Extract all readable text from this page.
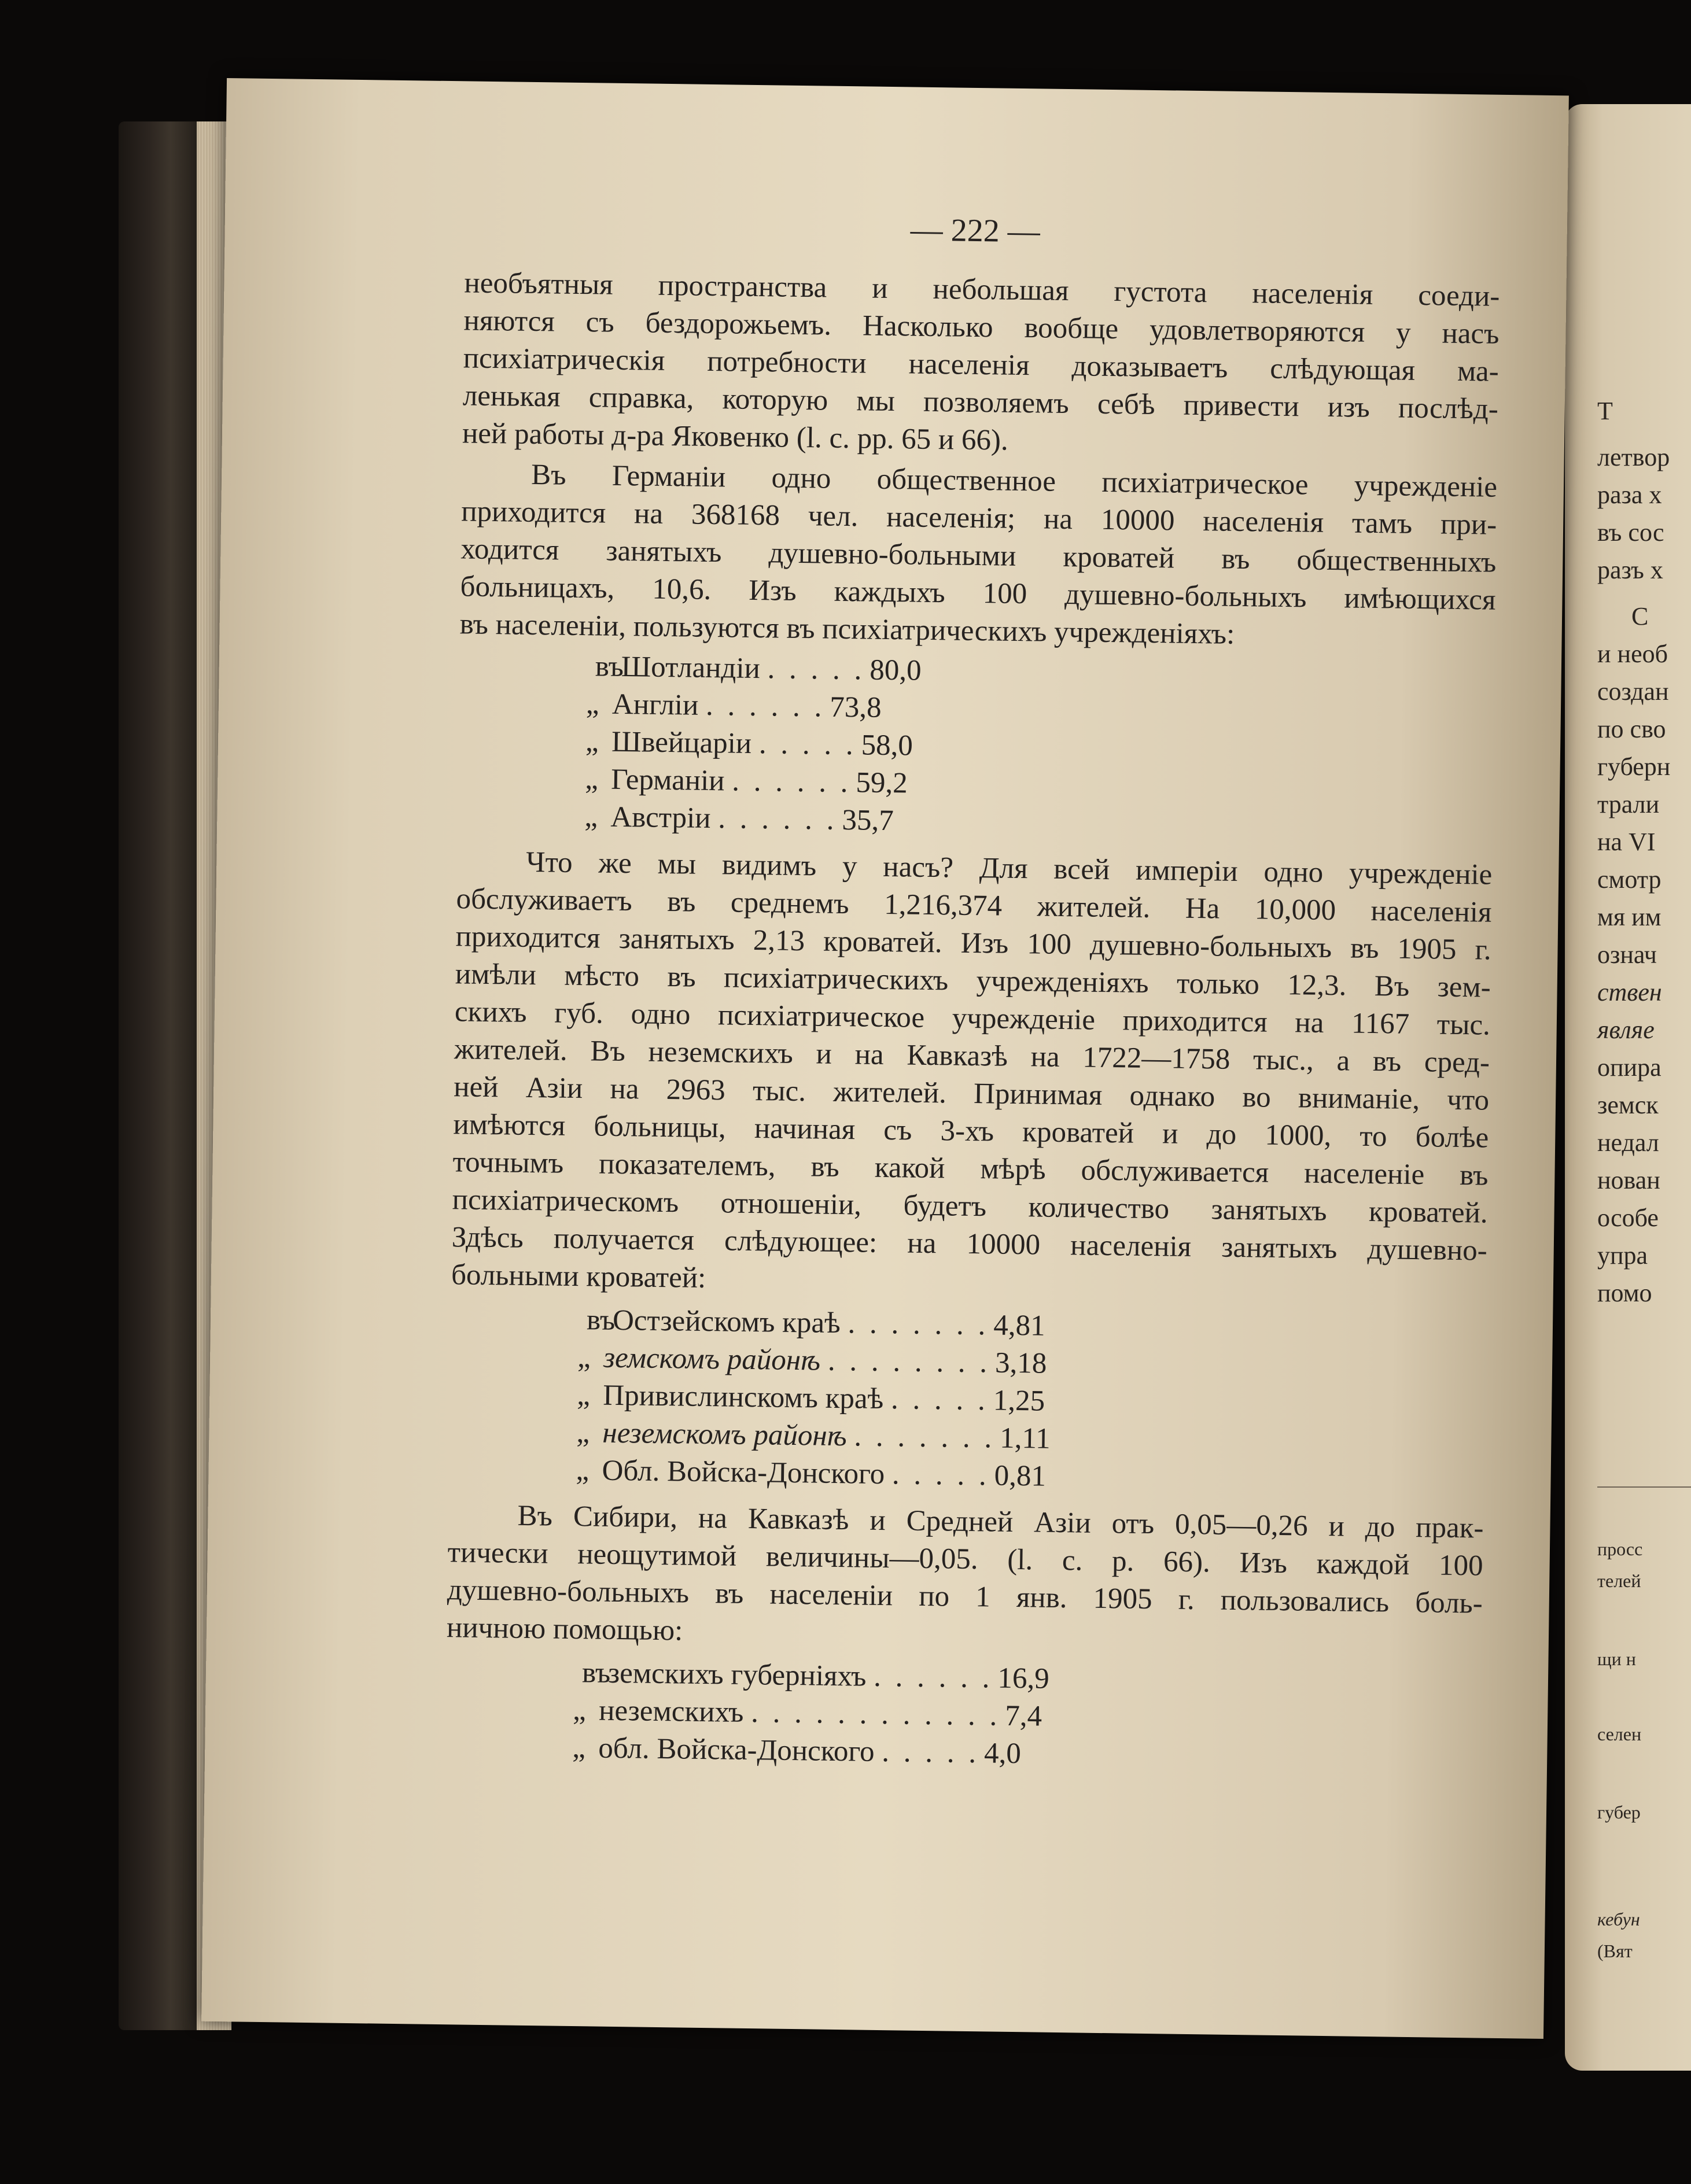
Т
летвор
раза х
въ сос
разъ х
С
и необ
создан
по сво
губерн
трали
на VI
смотр
мя им
означ
ствен
являе
опира
земск
недал
нован
особе
упра
помо
просс
телей
щи н
селен
губер
кебун
(Вят
— 222 —
необъятныя пространства и небольшая густота населенія соеди-
няются съ бездорожьемъ. Насколько вообще удовлетворяются у насъ
психіатрическія потребности населенія доказываетъ слѣдующая ма-
ленькая справка, которую мы позволяемъ себѣ привести изъ послѣд-
ней работы д-ра Яковенко (l. c. pp. 65 и 66).
Въ Германіи одно общественное психіатрическое учрежденіе
приходится на 368168 чел. населенія; на 10000 населенія тамъ при-
ходится занятыхъ душевно-больными кроватей въ общественныхъ
больницахъ, 10,6. Изъ каждыхъ 100 душевно-больныхъ имѣющихся
въ населеніи, пользуются въ психіатрическихъ учрежденіяхъ:
въШотландіи . . . . . 80,0
„ Англіи . . . . . . 73,8
„ Швейцаріи . . . . . 58,0
„ Германіи . . . . . . 59,2
„ Австріи . . . . . . 35,7
Что же мы видимъ у насъ? Для всей имперіи одно учрежденіе
обслуживаетъ въ среднемъ 1,216,374 жителей. На 10,000 населенія
приходится занятыхъ 2,13 кроватей. Изъ 100 душевно-больныхъ въ 1905 г.
имѣли мѣсто въ психіатрическихъ учрежденіяхъ только 12,3. Въ зем-
скихъ губ. одно психіатрическое учрежденіе приходится на 1167 тыс.
жителей. Въ неземскихъ и на Кавказѣ на 1722—1758 тыс., а въ сред-
ней Азіи на 2963 тыс. жителей. Принимая однако во вниманіе, что
имѣются больницы, начиная съ 3-хъ кроватей и до 1000, то болѣе
точнымъ показателемъ, въ какой мѣрѣ обслуживается населеніе въ
психіатрическомъ отношеніи, будетъ количество занятыхъ кроватей.
Здѣсь получается слѣдующее: на 10000 населенія занятыхъ душевно-
больными кроватей:
въОстзейскомъ краѣ . . . . . . . 4,81
„ земскомъ районѣ . . . . . . . . 3,18
„ Привислинскомъ краѣ . . . . . 1,25
„ неземскомъ районѣ . . . . . . . 1,11
„ Обл. Войска-Донского . . . . . 0,81
Въ Сибири, на Кавказѣ и Средней Азіи отъ 0,05—0,26 и до прак-
тически неощутимой величины—0,05. (l. c. p. 66). Изъ каждой 100
душевно-больныхъ въ населеніи по 1 янв. 1905 г. пользовались боль-
ничною помощью:
въземскихъ губерніяхъ . . . . . . 16,9
„ неземскихъ . . . . . . . . . . . . 7,4
„ обл. Войска-Донского . . . . . 4,0
